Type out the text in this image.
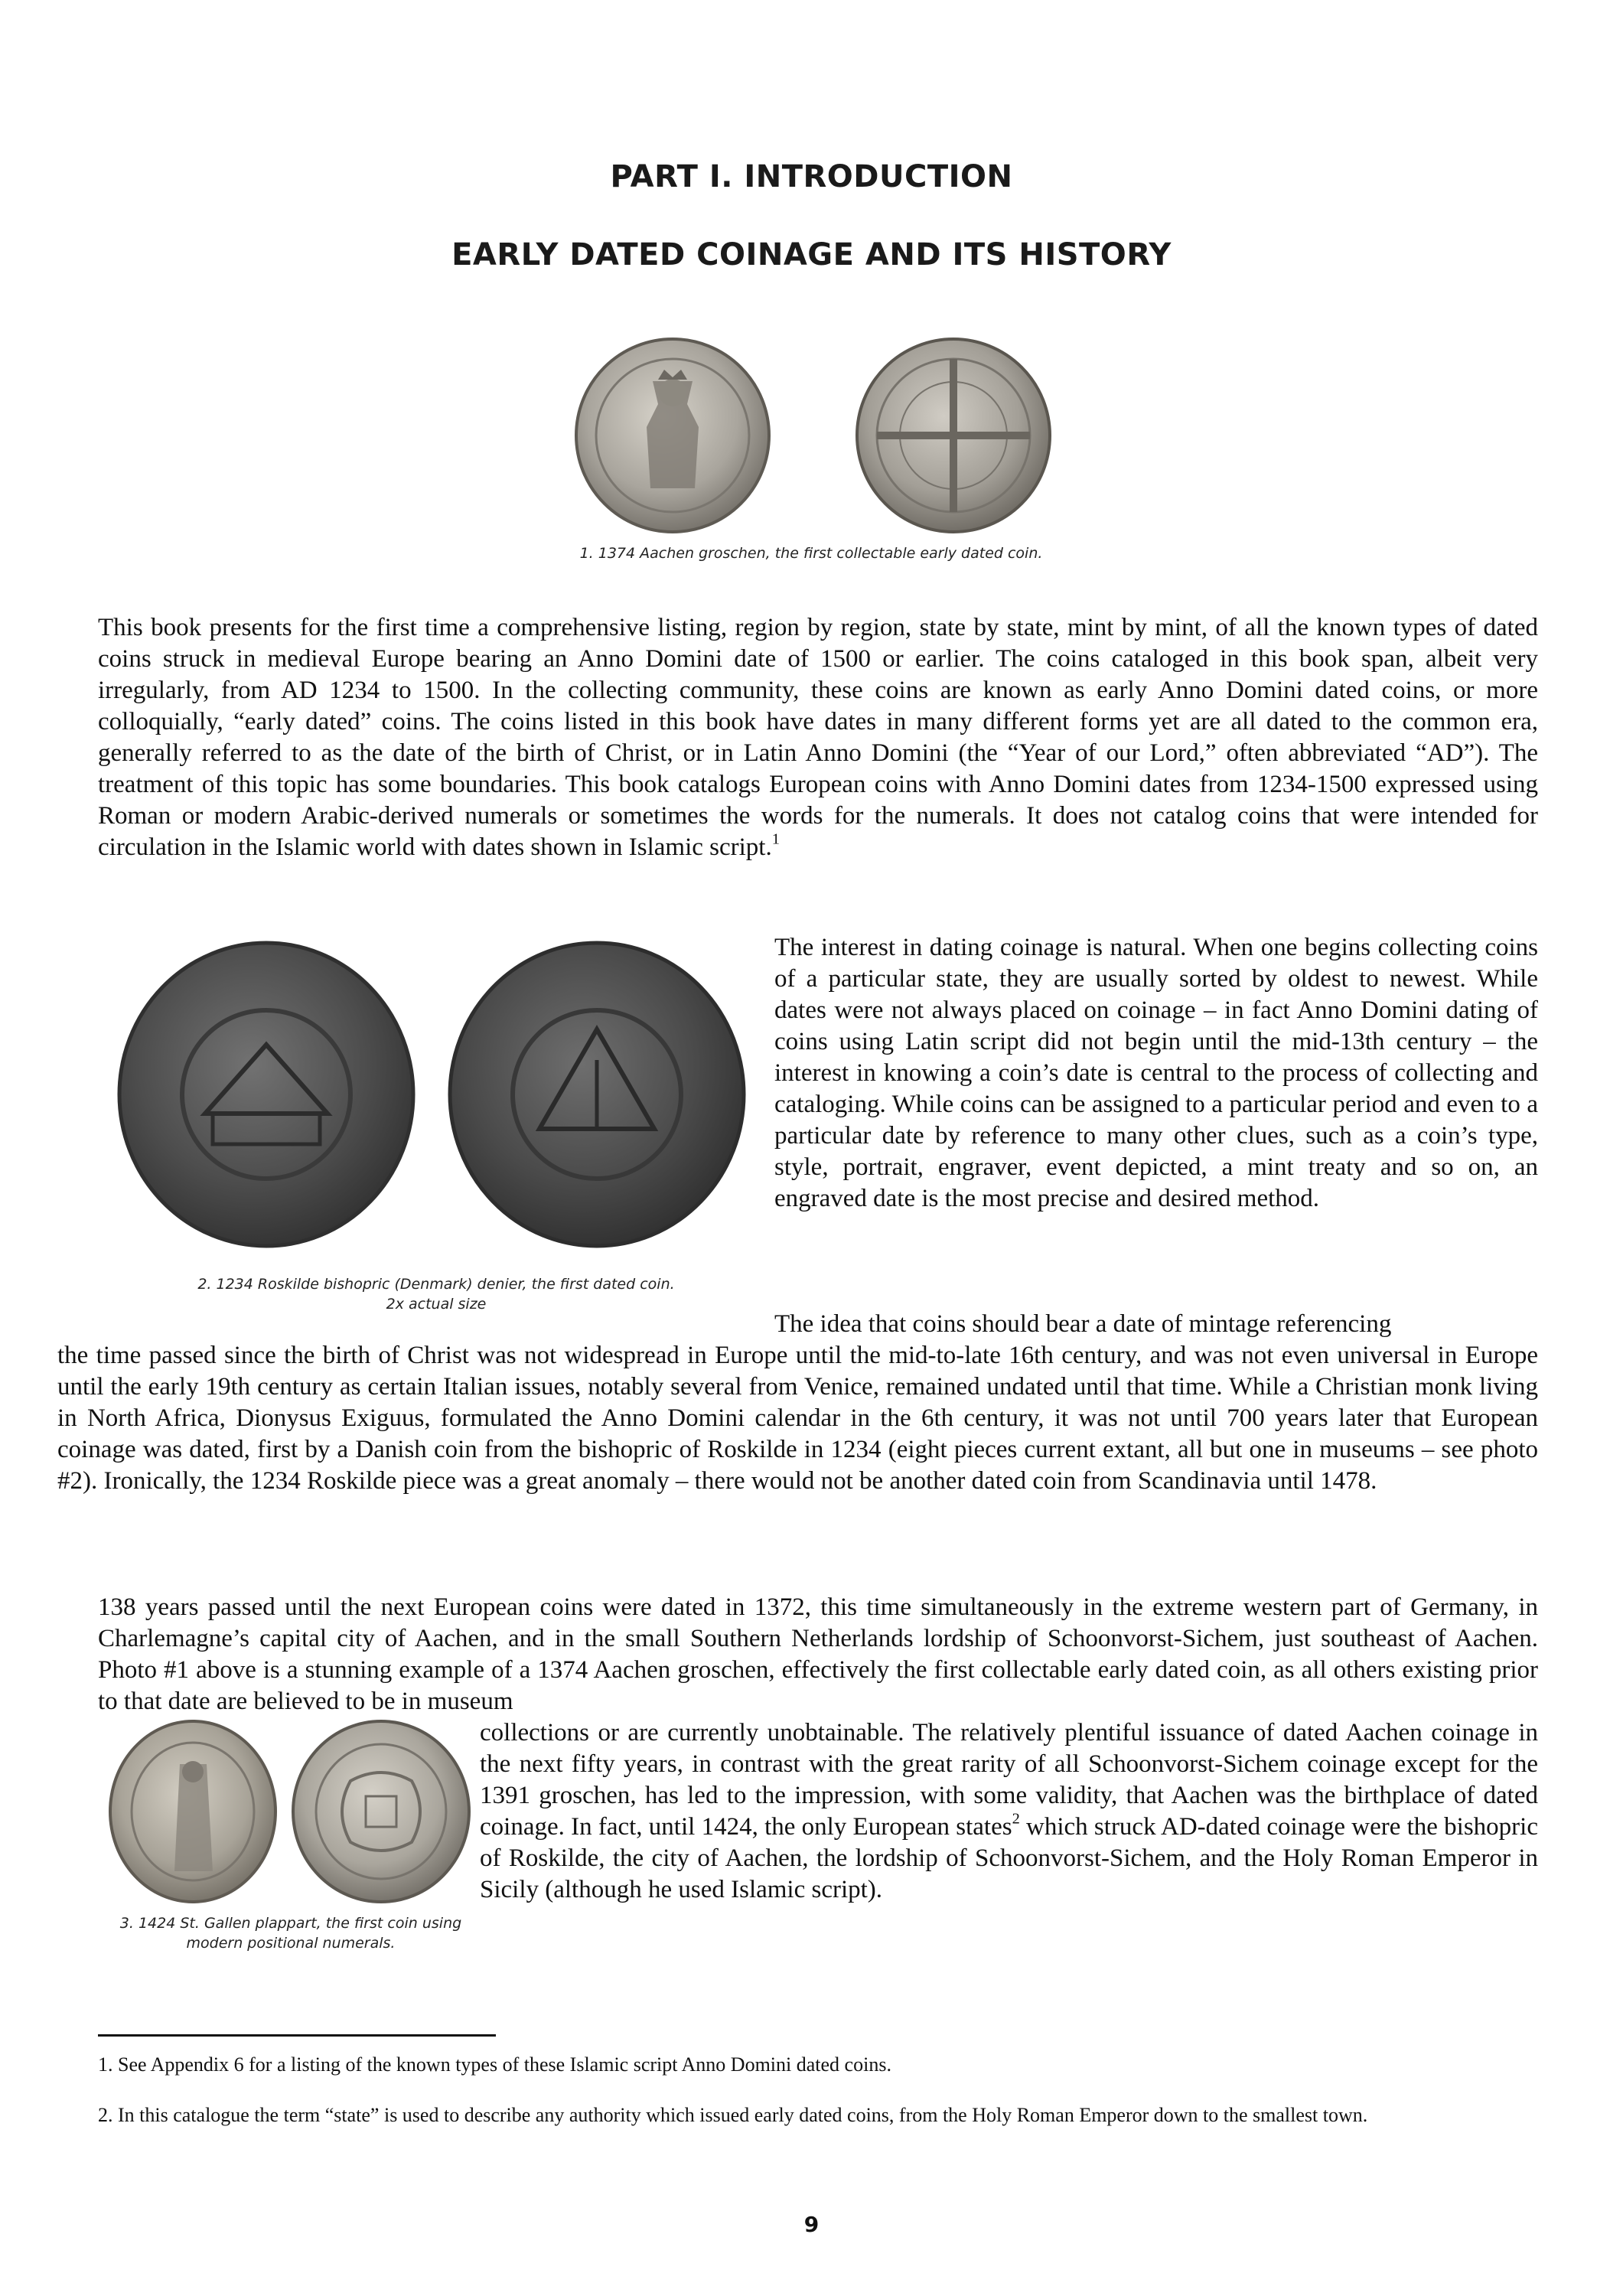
PART I. INTRODUCTION
EARLY DATED COINAGE AND ITS HISTORY
1. 1374 Aachen groschen, the first collectable early dated coin.

This book presents for the first time a comprehensive listing, region by region, state by state, mint by mint, of all the known types of dated coins struck in medieval Europe bearing an Anno Domini date of 1500 or earlier. The coins cataloged in this book span, albeit very irregularly, from AD 1234 to 1500. In the collecting community, these coins are known as early Anno Domini dated coins, or more colloquially, “early dated” coins. The coins listed in this book have dates in many different forms yet are all dated to the common era, generally referred to as the date of the birth of Christ, or in Latin Anno Domini (the “Year of our Lord,” often abbreviated “AD”). The treatment of this topic has some boundaries. This book catalogs European coins with Anno Domini dates from 1234-1500 expressed using Roman or modern Arabic-derived numerals or sometimes the words for the numerals. It does not catalog coins that were intended for circulation in the Islamic world with dates shown in Islamic script.$^1$

2. 1234 Roskilde bishopric (Denmark) denier, the first dated coin.
2x actual size

The interest in dating coinage is natural. When one begins collecting coins of a particular state, they are usually sorted by oldest to newest. While dates were not always placed on coinage – in fact Anno Domini dating of coins using Latin script did not begin until the mid-13th century – the interest in knowing a coin’s date is central to the process of collecting and cataloging. While coins can be assigned to a particular period and even to a particular date by reference to many other clues, such as a coin’s type, style, portrait, engraver, event depicted, a mint treaty and so on, an engraved date is the most precise and desired method.

The idea that coins should bear a date of mintage referencing

the time passed since the birth of Christ was not widespread in Europe until the mid-to-late 16th century, and was not even universal in Europe until the early 19th century as certain Italian issues, notably several from Venice, remained undated until that time. While a Christian monk living in North Africa, Dionysus Exiguus, formulated the Anno Domini calendar in the 6th century, it was not until 700 years later that European coinage was dated, first by a Danish coin from the bishopric of Roskilde in 1234 (eight pieces current extant, all but one in museums – see photo #2). Ironically, the 1234 Roskilde piece was a great anomaly – there would not be another dated coin from Scandinavia until 1478.

138 years passed until the next European coins were dated in 1372, this time simultaneously in the extreme western part of Germany, in Charlemagne’s capital city of Aachen, and in the small Southern Netherlands lordship of Schoonvorst-Sichem, just southeast of Aachen. Photo #1 above is a stunning example of a 1374 Aachen groschen, effectively the first collectable early dated coin, as all others existing prior to that date are believed to be in museum

3. 1424 St. Gallen plappart, the first coin using
modern positional numerals.

collections or are currently unobtainable. The relatively plentiful issuance of dated Aachen coinage in the next fifty years, in contrast with the great rarity of all Schoonvorst-Sichem coinage except for the 1391 groschen, has led to the impression, with some validity, that Aachen was the birthplace of dated coinage. In fact, until 1424, the only European states$^2$ which struck AD-dated coinage were the bishopric of Roskilde, the city of Aachen, the lordship of Schoonvorst-Sichem, and the Holy Roman Emperor in Sicily (although he used Islamic script).

1. See Appendix 6 for a listing of the known types of these Islamic script Anno Domini dated coins.

2. In this catalogue the term “state” is used to describe any authority which issued early dated coins, from the Holy Roman Emperor down to the smallest town.

9
